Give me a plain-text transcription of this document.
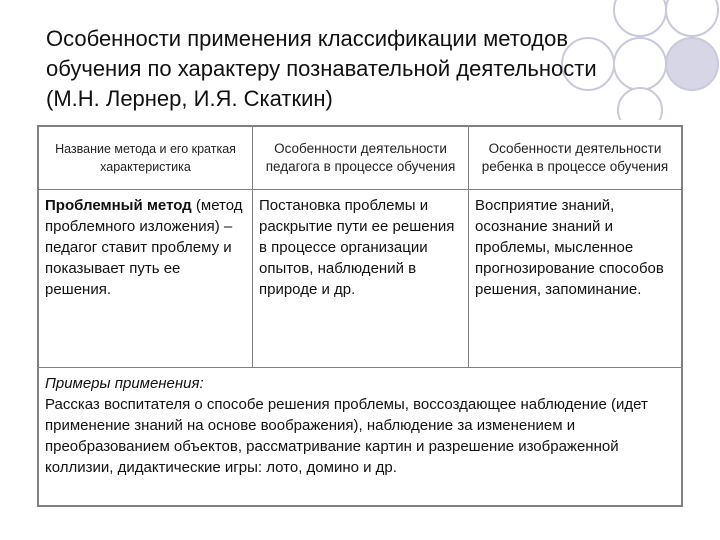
Особенности применения классификации методов обучения по характеру познавательной деятельности (М.Н. Лернер, И.Я. Скаткин)
Название метода и его краткая характеристика
Особенности деятельности педагога в процессе обучения
Особенности деятельности ребенка в процессе обучения
Проблемный метод (метод проблемного изложения) – педагог ставит проблему и показывает путь ее решения.
Постановка проблемы и раскрытие пути ее решения в процессе организации опытов, наблюдений в природе и др.
Восприятие знаний, осознание знаний и проблемы, мысленное прогнозирование способов решения, запоминание.
Примеры применения:
Рассказ воспитателя о способе решения проблемы, воссоздающее наблюдение (идет применение знаний на основе воображения), наблюдение за изменением и преобразованием объектов, рассматривание картин и разрешение изображенной коллизии, дидактические игры: лото, домино и др.
